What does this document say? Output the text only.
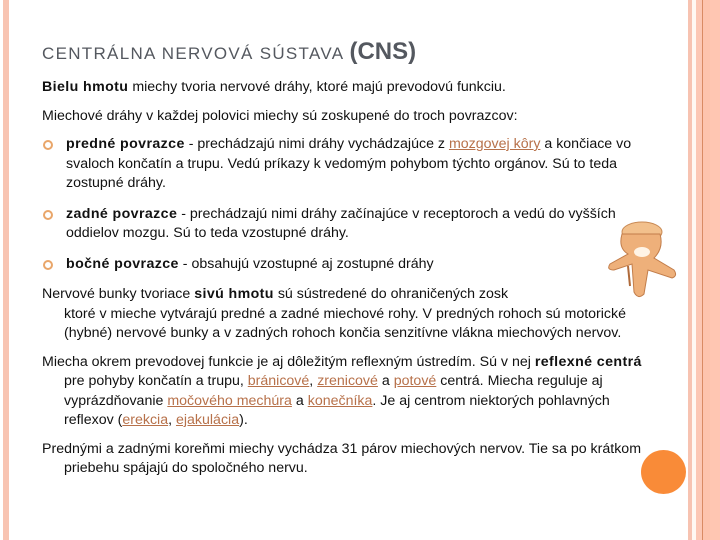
CENTRÁLNA NERVOVÁ SÚSTAVA (CNS)

Bielu hmotu miechy tvoria nervové dráhy, ktoré majú prevodovú funkciu.

Miechové dráhy v každej polovici miechy sú zoskupené do troch povrazcov:

predné povrazce - prechádzajú nimi dráhy vychádzajúce z mozgovej kôry a končiace vo svaloch končatín a trupu. Vedú príkazy k vedomým pohybom týchto orgánov. Sú to teda zostupné dráhy.
zadné povrazce - prechádzajú nimi dráhy začínajúce v receptoroch a vedú do vyšších oddielov mozgu. Sú to teda vzostupné dráhy.
bočné povrazce - obsahujú vzostupné aj zostupné dráhy

Nervové bunky tvoriace sivú hmotu sú sústredené do ohraničených zosk
ktoré v mieche vytvárajú predné a zadné miechové rohy. V predných rohoch sú motorické (hybné) nervové bunky a v zadných rohoch končia senzitívne vlákna miechových nervov.

Miecha okrem prevodovej funkcie je aj dôležitým reflexným ústredím. Sú v nej reflexné centrá pre pohyby končatín a trupu, bránicové, zrenicové a potové centrá. Miecha reguluje aj vyprázdňovanie močového mechúra a konečníka. Je aj centrom niektorých pohlavných reflexov (erekcia, ejakulácia).

Prednými a zadnými koreňmi miechy vychádza 31 párov miechových nervov. Tie sa po krátkom priebehu spájajú do spoločného nervu.
